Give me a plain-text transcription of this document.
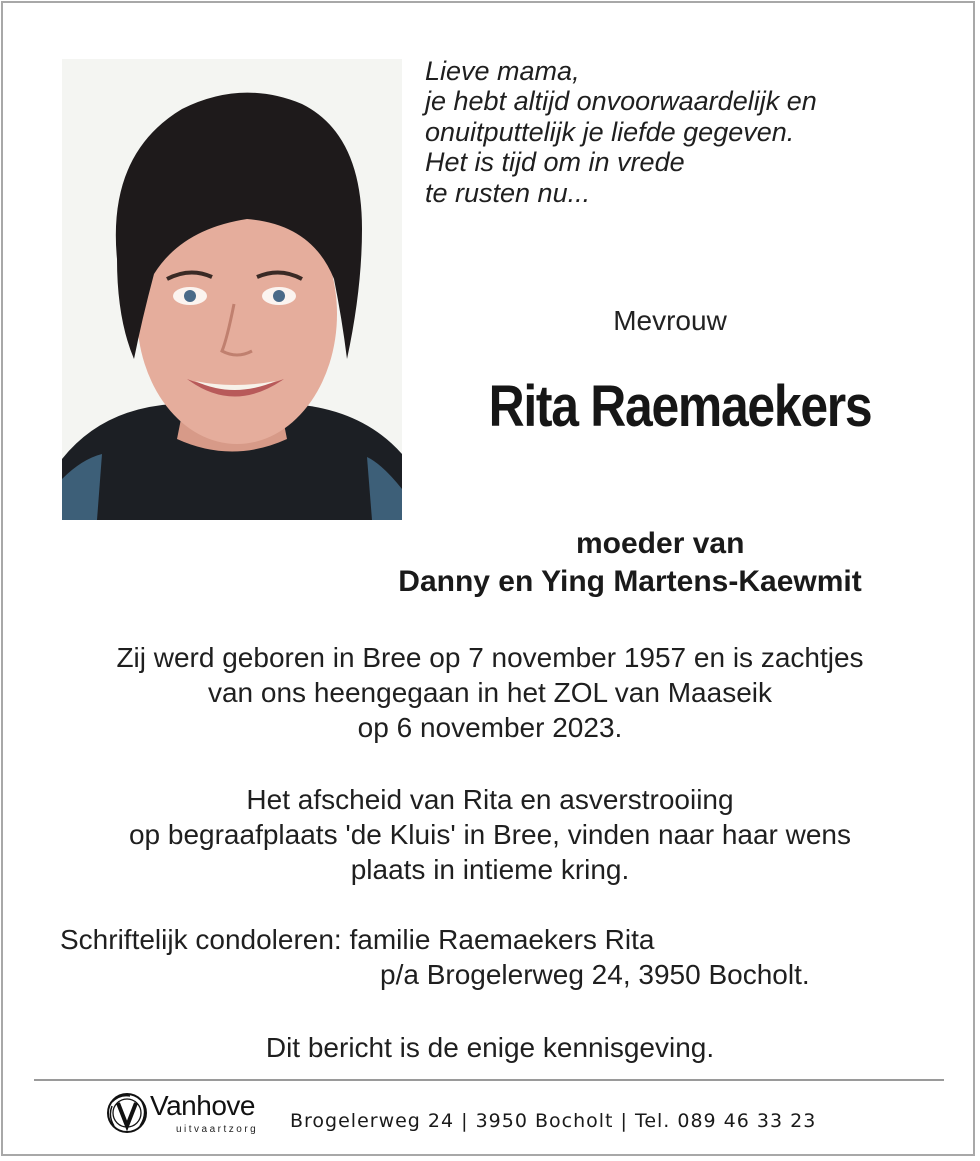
Lieve mama,
je hebt altijd onvoorwaardelijk en
onuitputtelijk je liefde gegeven.
Het is tijd om in vrede
te rusten nu...
Mevrouw
Rita Raemaekers
moeder van
Danny en Ying Martens-Kaewmit
Zij werd geboren in Bree op 7 november 1957 en is zachtjes
van ons heengegaan in het ZOL van Maaseik
op 6 november 2023.
Het afscheid van Rita en asverstrooiing
op begraafplaats 'de Kluis' in Bree, vinden naar haar wens
plaats in intieme kring.
Schriftelijk condoleren: familie Raemaekers Rita
p/a Brogelerweg 24, 3950 Bocholt.
Dit bericht is de enige kennisgeving.
Vanhove
uitvaartzorg Brogelerweg 24 | 3950 Bocholt | Tel. 089 46 33 23
